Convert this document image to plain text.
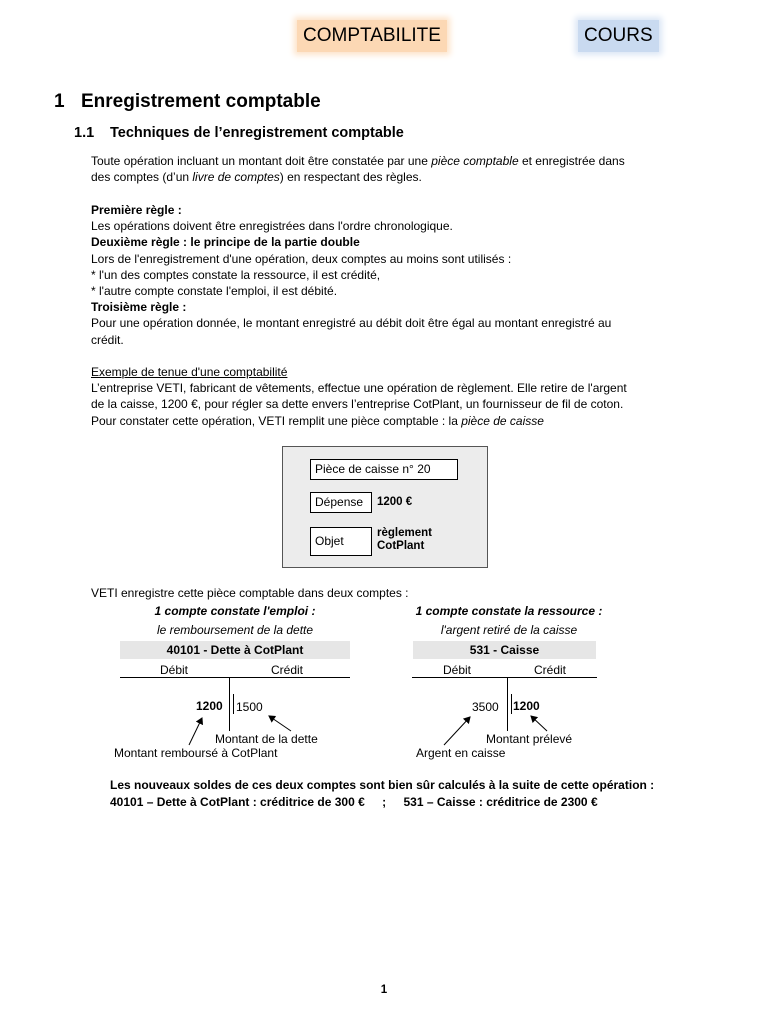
COMPTABILITE	COURS
1 Enregistrement comptable
1.1 Techniques de l’enregistrement comptable
Toute opération incluant un montant doit être constatée par une pièce comptable et enregistrée dans
des comptes (d’un livre de comptes) en respectant des règles.
Première règle :
Les opérations doivent être enregistrées dans l'ordre chronologique.
Deuxième règle : le principe de la partie double
Lors de l'enregistrement d'une opération, deux comptes au moins sont utilisés :
* l'un des comptes constate la ressource, il est crédité,
* l'autre compte constate l'emploi, il est débité.
Troisième règle :
Pour une opération donnée, le montant enregistré au débit doit être égal au montant enregistré au
crédit.
Exemple de tenue d'une comptabilité
L’entreprise VETI, fabricant de vêtements, effectue une opération de règlement. Elle retire de l'argent
de la caisse, 1200 €, pour régler sa dette envers l’entreprise CotPlant, un fournisseur de fil de coton.
Pour constater cette opération, VETI remplit une pièce comptable : la pièce de caisse
Pièce de caisse n° 20
Dépense	1200 €
Objet
règlement
CotPlant
VETI enregistre cette pièce comptable dans deux comptes :
1 compte constate l'emploi :
le remboursement de la dette
40101 - Dette à CotPlant
Débit	Crédit
1200 1500
Montant de la dette
Montant remboursé à CotPlant
1 compte constate la ressource :
l'argent retiré de la caisse
531 - Caisse
Débit	Crédit
3500 1200
Montant prélevé
Argent en caisse
Les nouveaux soldes de ces deux comptes sont bien sûr calculés à la suite de cette opération :
40101 – Dette à CotPlant : créditrice de 300 € ; 531 – Caisse : créditrice de 2300 €
1
